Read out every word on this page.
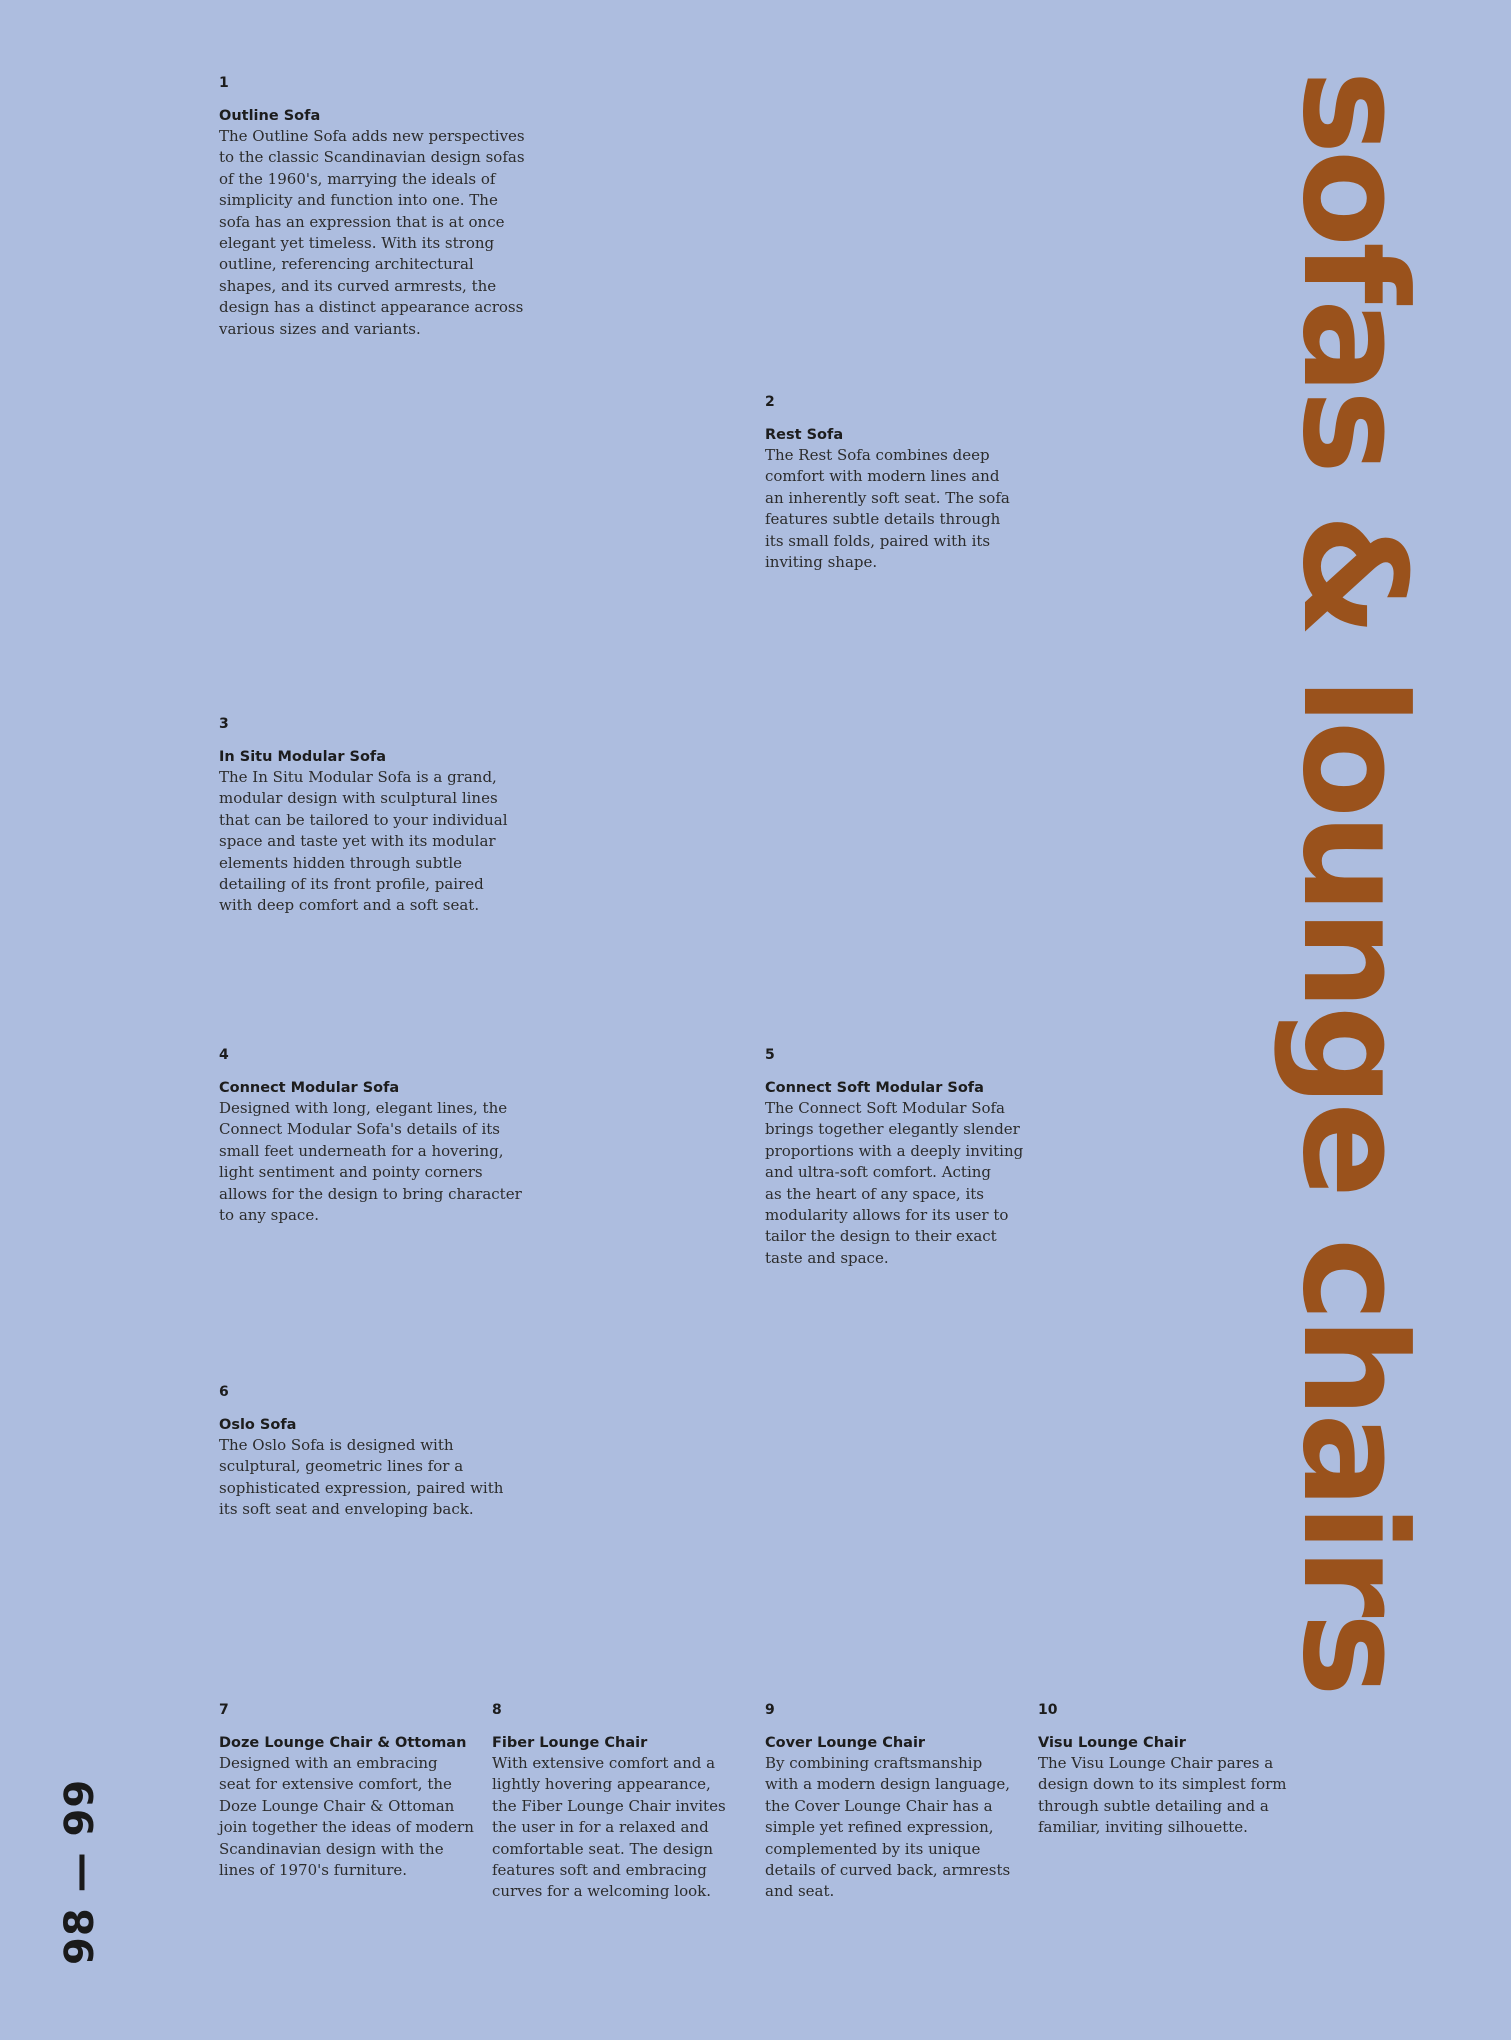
sofas & lounge chairs
1
Outline Sofa
The Outline Sofa adds new perspectives
to the classic Scandinavian design sofas
of the 1960's, marrying the ideals of
simplicity and function into one. The
sofa has an expression that is at once
elegant yet timeless. With its strong
outline, referencing architectural
shapes, and its curved armrests, the
design has a distinct appearance across
various sizes and variants.
2
Rest Sofa
The Rest Sofa combines deep
comfort with modern lines and
an inherently soft seat. The sofa
features subtle details through
its small folds, paired with its
inviting shape.
3
In Situ Modular Sofa
The In Situ Modular Sofa is a grand,
modular design with sculptural lines
that can be tailored to your individual
space and taste yet with its modular
elements hidden through subtle
detailing of its front profile, paired
with deep comfort and a soft seat.
4
Connect Modular Sofa
Designed with long, elegant lines, the
Connect Modular Sofa's details of its
small feet underneath for a hovering,
light sentiment and pointy corners
allows for the design to bring character
to any space.
5
Connect Soft Modular Sofa
The Connect Soft Modular Sofa
brings together elegantly slender
proportions with a deeply inviting
and ultra-soft comfort. Acting
as the heart of any space, its
modularity allows for its user to
tailor the design to their exact
taste and space.
6
Oslo Sofa
The Oslo Sofa is designed with
sculptural, geometric lines for a
sophisticated expression, paired with
its soft seat and enveloping back.
7
Doze Lounge Chair & Ottoman
Designed with an embracing
seat for extensive comfort, the
Doze Lounge Chair & Ottoman
join together the ideas of modern
Scandinavian design with the
lines of 1970's furniture.
8
Fiber Lounge Chair
With extensive comfort and a
lightly hovering appearance,
the Fiber Lounge Chair invites
the user in for a relaxed and
comfortable seat. The design
features soft and embracing
curves for a welcoming look.
9
Cover Lounge Chair
By combining craftsmanship
with a modern design language,
the Cover Lounge Chair has a
simple yet refined expression,
complemented by its unique
details of curved back, armrests
and seat.
10
Visu Lounge Chair
The Visu Lounge Chair pares a
design down to its simplest form
through subtle detailing and a
familiar, inviting silhouette.
98 — 99
